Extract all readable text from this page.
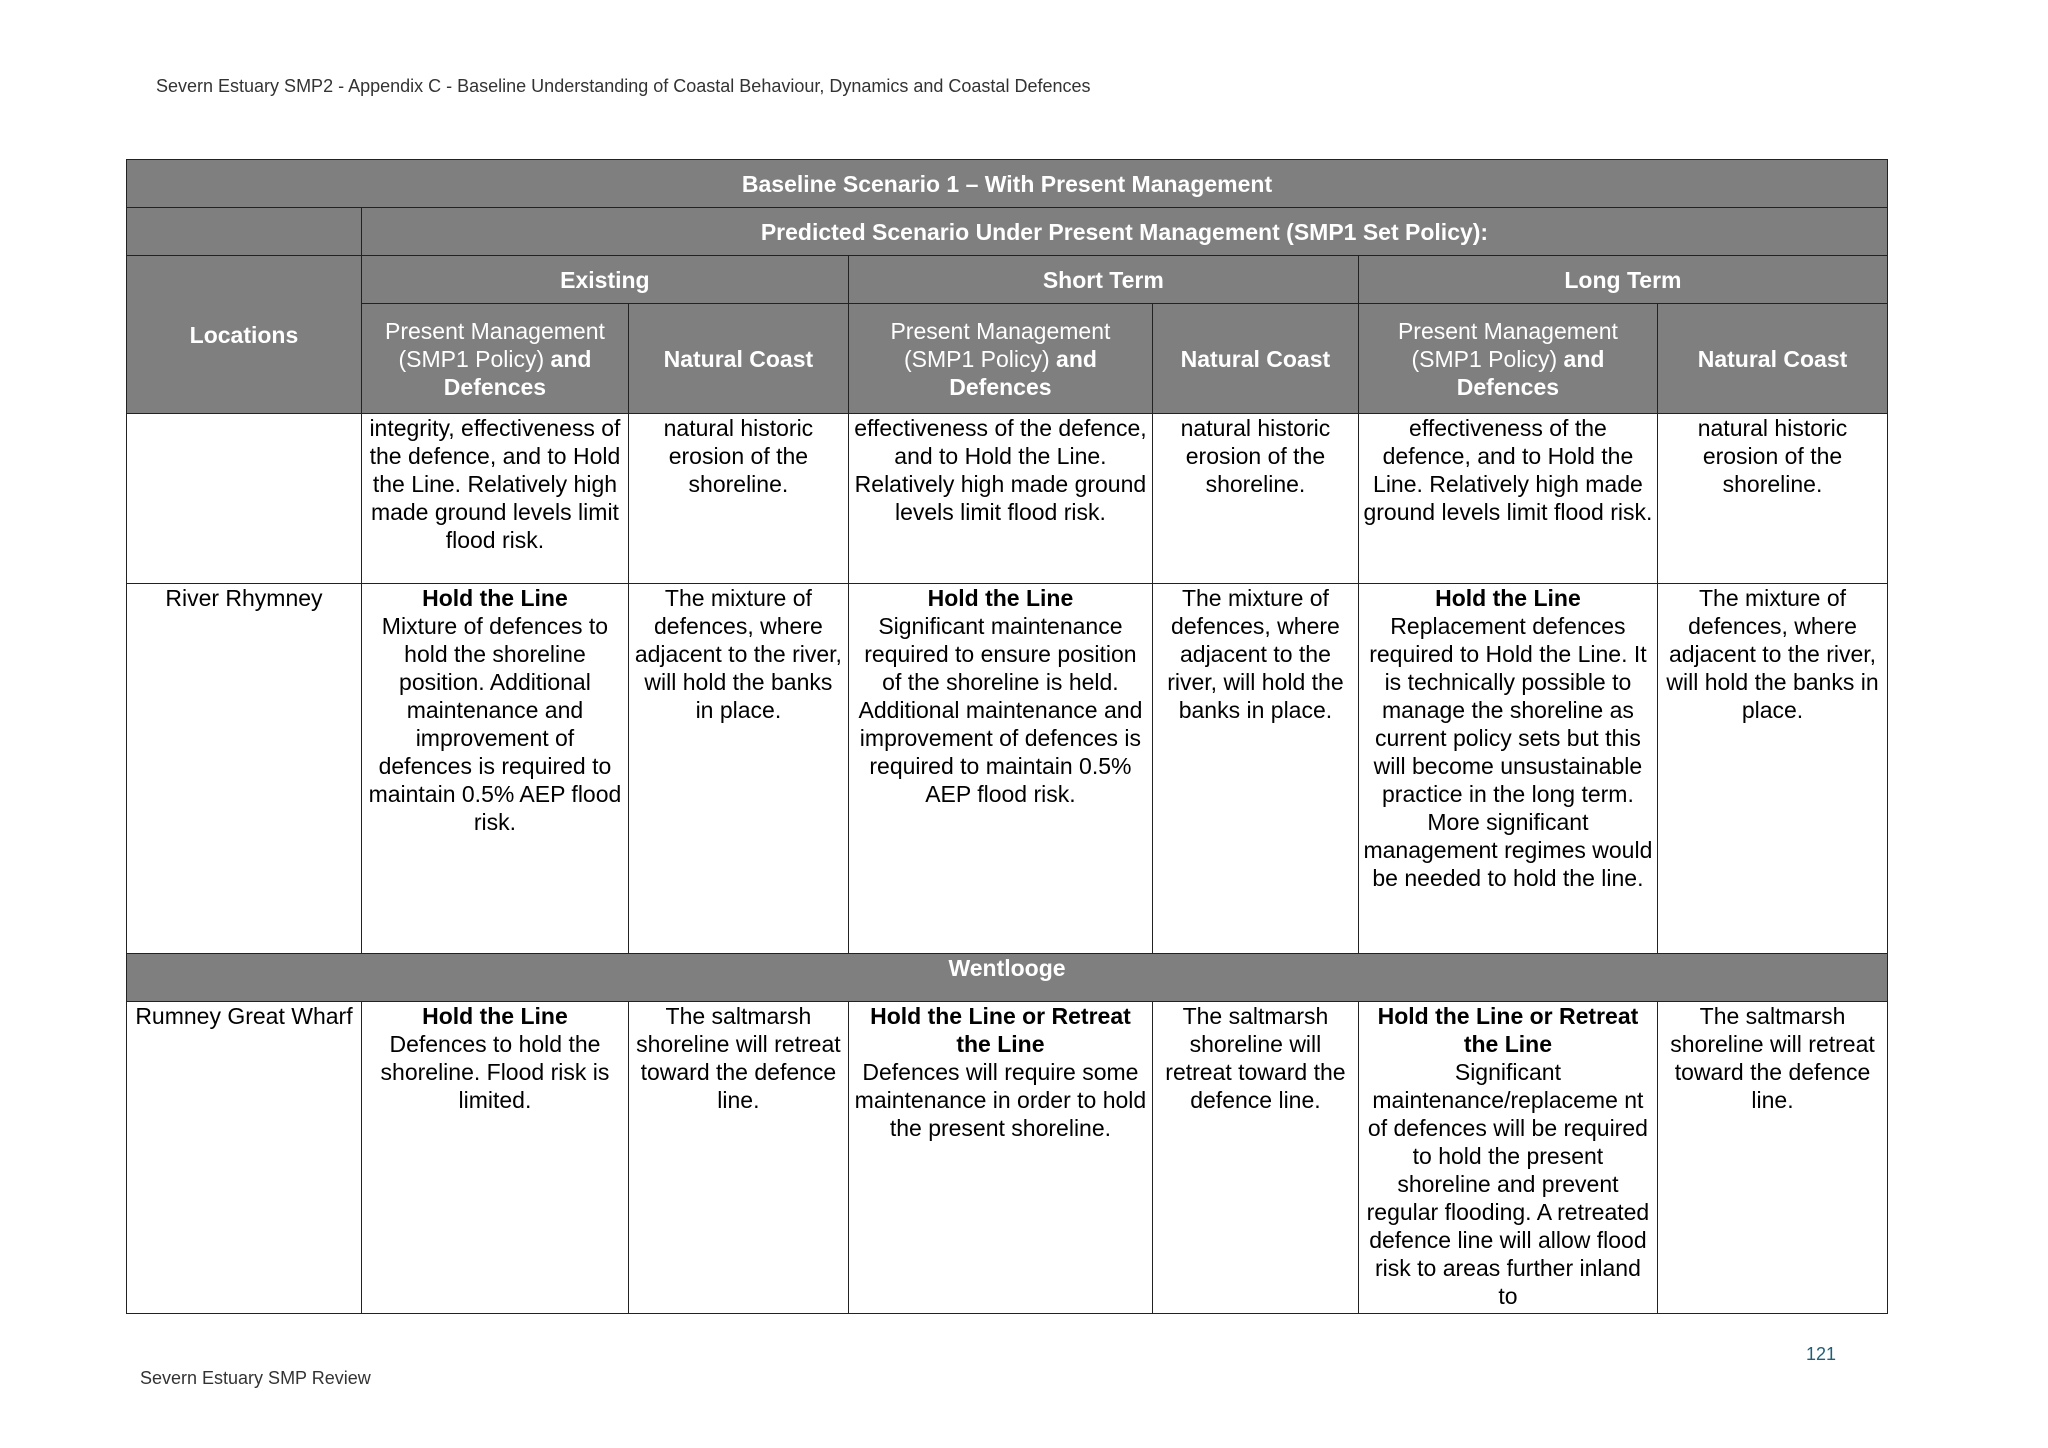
Severn Estuary SMP2 - Appendix C - Baseline Understanding of Coastal Behaviour, Dynamics and Coastal Defences
Baseline Scenario 1 – With Present Management						
	Predicted Scenario Under Present Management (SMP1 Set Policy):					
Locations	Existing		Short Term		Long Term	
	Present Management
(SMP1 Policy) and
Defences	Natural Coast	Present Management
(SMP1 Policy) and
Defences	Natural Coast	Present Management
(SMP1 Policy) and
Defences	Natural Coast
	integrity, effectiveness of the defence, and to Hold the Line. Relatively high made ground levels limit flood risk.	natural historic erosion of the shoreline.	effectiveness of the defence, and to Hold the Line. Relatively high made ground levels limit flood risk.	natural historic erosion of the shoreline.	effectiveness of the defence, and to Hold the Line. Relatively high made ground levels limit flood risk.	natural historic erosion of the shoreline.
River Rhymney	Hold the Line
Mixture of defences to hold the shoreline position. Additional maintenance and improvement of defences is required to maintain 0.5% AEP flood risk.	The mixture of defences, where adjacent to the river, will hold the banks in place.	Hold the Line
Significant maintenance required to ensure position of the shoreline is held. Additional maintenance and improvement of defences is required to maintain 0.5% AEP flood risk.	The mixture of defences, where adjacent to the river, will hold the banks in place.	Hold the Line
Replacement defences required to Hold the Line. It is technically possible to manage the shoreline as current policy sets but this will become unsustainable practice in the long term. More significant management regimes would be needed to hold the line.	The mixture of defences, where adjacent to the river, will hold the banks in place.
Wentlooge						
Rumney Great Wharf	Hold the Line
Defences to hold the shoreline. Flood risk is limited.	The saltmarsh shoreline will retreat toward the defence line.	Hold the Line or Retreat the Line
Defences will require some maintenance in order to hold the present shoreline.	The saltmarsh shoreline will retreat toward the defence line.	Hold the Line or Retreat the Line
Significant maintenance/replaceme nt of defences will be required to hold the present shoreline and prevent regular flooding. A retreated defence line will allow flood risk to areas further inland to	The saltmarsh shoreline will retreat toward the defence line.
121
Severn Estuary SMP Review
